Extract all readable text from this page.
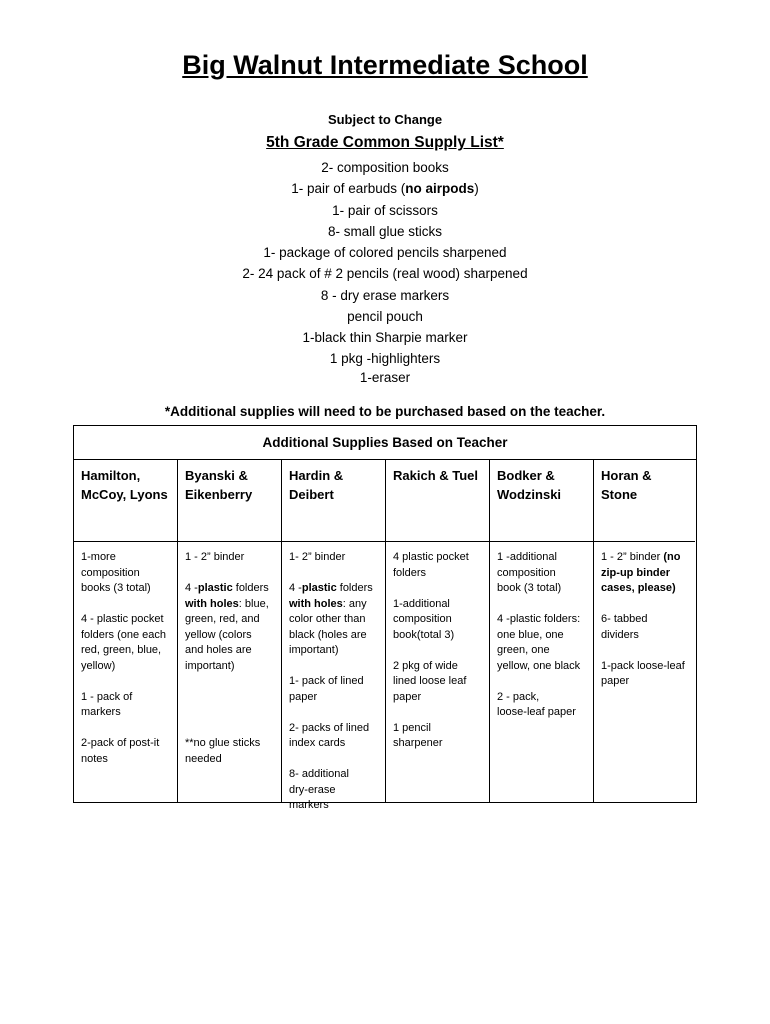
Big Walnut Intermediate School
Subject to Change
5th Grade Common Supply List*
2- composition books
1- pair of earbuds (no airpods)
1- pair of scissors
8- small glue sticks
1- package of colored pencils sharpened
2- 24 pack of # 2 pencils (real wood) sharpened
8 - dry erase markers
pencil pouch
1-black thin Sharpie marker
1 pkg -highlighters
1-eraser
*Additional supplies will need to be purchased based on the teacher.
Additional Supplies Based on Teacher
Hamilton,
McCoy, Lyons

1-more
composition
books (3 total)

4 - plastic pocket
folders (one each
red, green, blue,
yellow)

1 - pack of
markers

2-pack of post-it
notes

Byanski &
Eikenberry

1 - 2” binder

4 -plastic folders
with holes: blue,
green, red, and
yellow (colors
and holes are
important)

**no glue sticks
needed

Hardin &
Deibert

1- 2” binder

4 -plastic folders
with holes: any
color other than
black (holes are
important)

1- pack of lined
paper

2- packs of lined
index cards

8- additional
dry-erase
markers

Rakich & Tuel

4 plastic pocket
folders

1-additional
composition
book(total 3)

2 pkg of wide
lined loose leaf
paper

1 pencil
sharpener

Bodker &
Wodzinski

1 -additional
composition
book (3 total)

4 -plastic folders:
one blue, one
green, one
yellow, one black

2 - pack,
loose-leaf paper

Horan &
Stone

1 - 2” binder (no
zip-up binder
cases, please)

6- tabbed
dividers

1-pack loose-leaf
paper
